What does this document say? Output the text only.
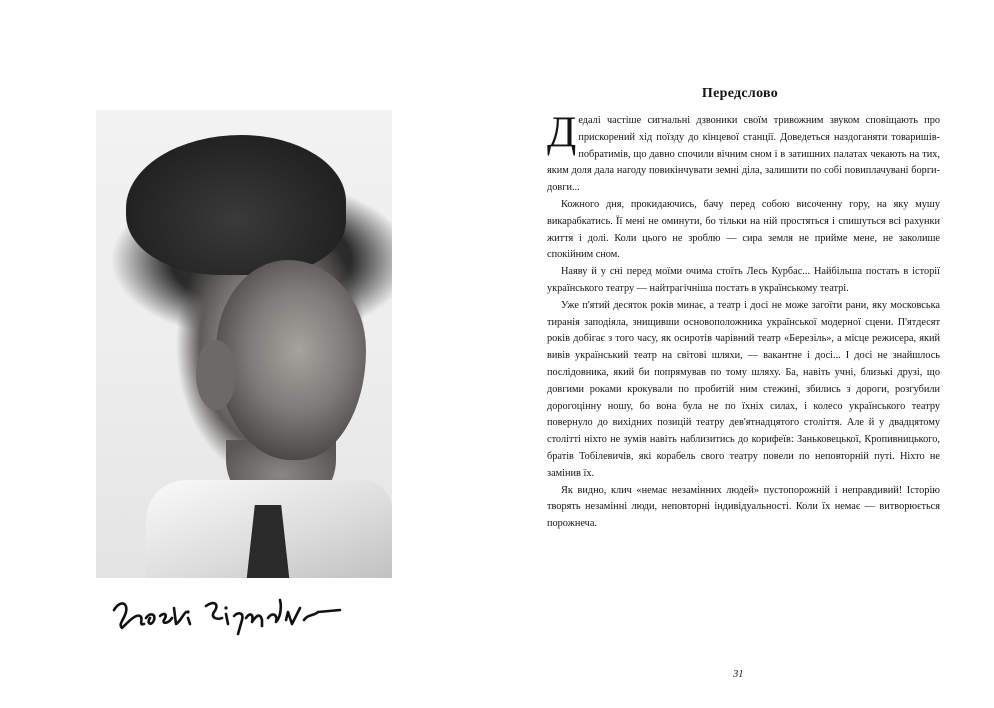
Передслово

Дедалі частіше сигнальні дзвоники своїм тривожним звуком сповіщають про прискорений хід поїзду до кінцевої станції. Доведеться наздоганяти товаришів-побратимів, що давно спочили вічним сном і в затишних палатах чекають на тих, яким доля дала нагоду повикінчувати земні діла, залишити по собі повиплачувані борги-довги...

Кожного дня, прокидаючись, бачу перед собою височенну гору, на яку мушу викарабкатись. Її мені не оминути, бо тільки на ній простяться і спишуться всі рахунки життя і долі. Коли цього не зроблю — сира земля не прийме мене, не заколише спокійним сном.

Наяву й у сні перед моїми очима стоїть Лесь Курбас... Найбільша постать в історії українського театру — найтрагічніша постать в українському театрі.

Уже п'ятий десяток років минає, а театр і досі не може загоїти рани, яку московська тиранія заподіяла, знищивши основоположника української модерної сцени. П'ятдесят років добігає з того часу, як осиротів чарівний театр «Березіль», а місце режисера, який вивів український театр на світові шляхи, — вакантне і досі... І досі не знайшлось послідовника, який би попрямував по тому шляху. Ба, навіть учні, близькі друзі, що довгими роками крокували по пробитій ним стежині, збились з дороги, розгубили дорогоцінну ношу, бо вона була не по їхніх силах, і колесо українського театру повернуло до вихідних позицій театру дев'ятнадцятого століття. Але й у двадцятому столітті ніхто не зумів навіть наблизитись до корифеїв: Заньковецької, Кропивницького, братів Тобілевичів, які корабель свого театру повели по неповторній путі. Ніхто не замінив їх.

Як видно, клич «немає незамінних людей» пустопорожній і неправдивий! Історію творять незамінні люди, неповторні індивідуальності. Коли їх немає — витворюється порожнеча.

31
